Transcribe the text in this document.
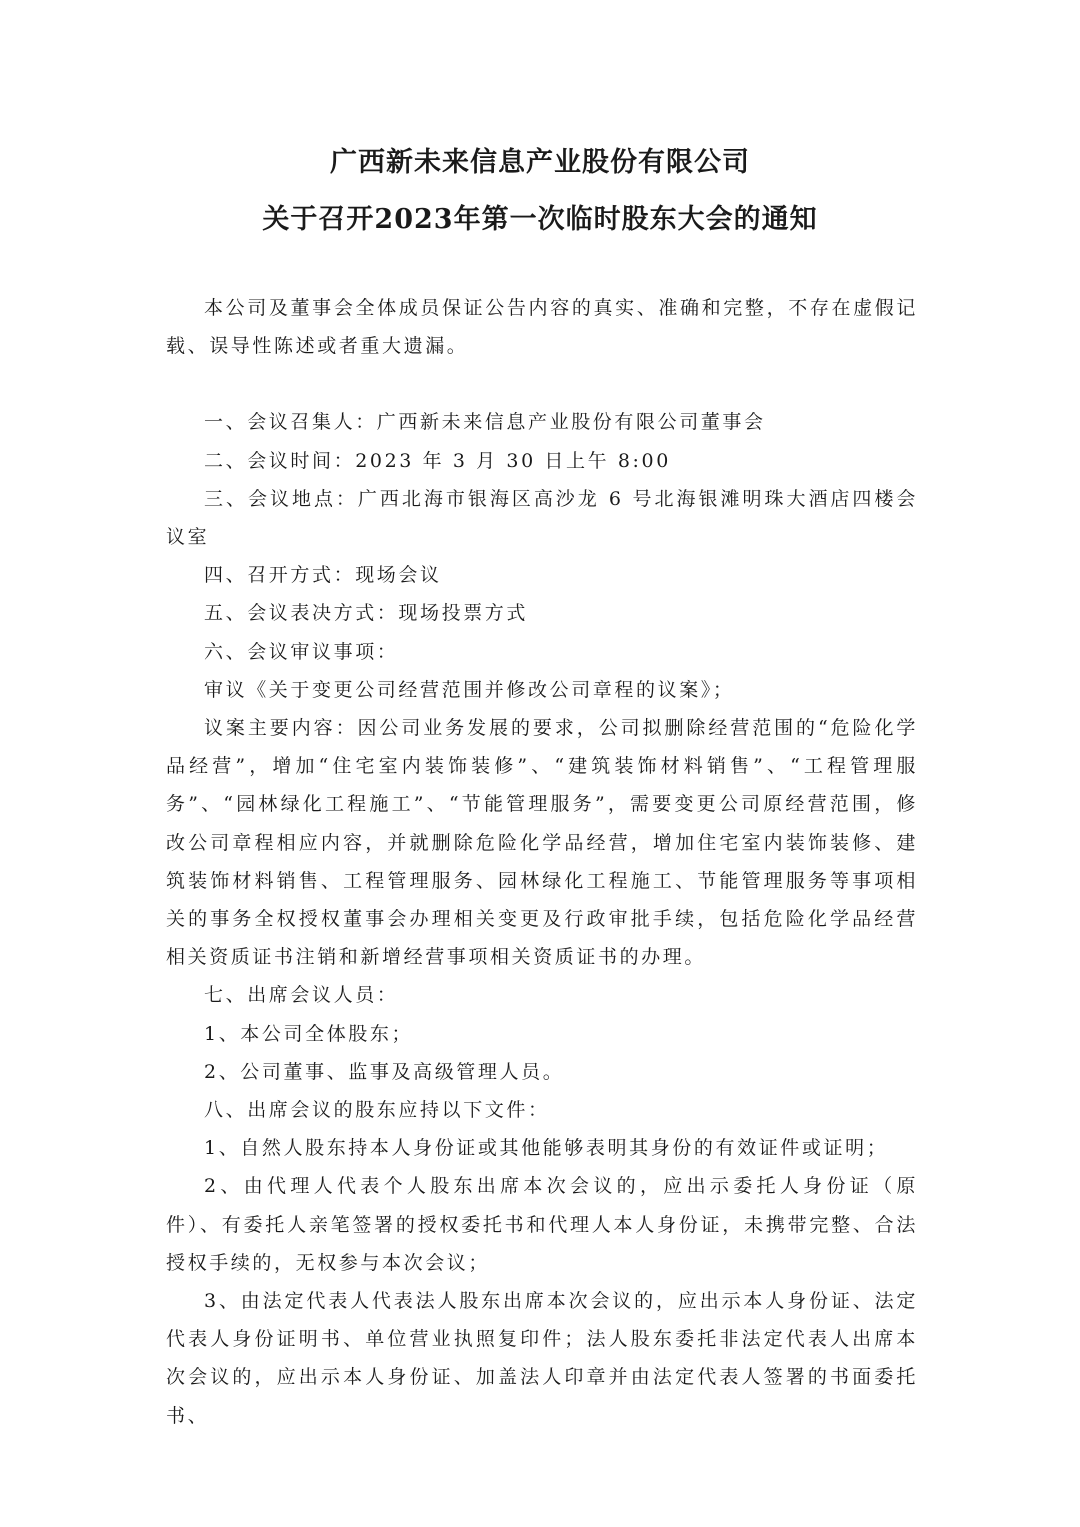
广西新未来信息产业股份有限公司
关于召开2023年第一次临时股东大会的通知

本公司及董事会全体成员保证公告内容的真实、准确和完整，不存在虚假记载、误导性陈述或者重大遗漏。

一、会议召集人：广西新未来信息产业股份有限公司董事会

二、会议时间：2023 年 3 月 30 日上午 8:00

三、会议地点：广西北海市银海区高沙龙 6 号北海银滩明珠大酒店四楼会议室

四、召开方式：现场会议

五、会议表决方式：现场投票方式

六、会议审议事项：

审议《关于变更公司经营范围并修改公司章程的议案》；

议案主要内容：因公司业务发展的要求，公司拟删除经营范围的“危险化学品经营”，增加“住宅室内装饰装修”、“建筑装饰材料销售”、“工程管理服务”、“园林绿化工程施工”、“节能管理服务”，需要变更公司原经营范围，修改公司章程相应内容，并就删除危险化学品经营，增加住宅室内装饰装修、建筑装饰材料销售、工程管理服务、园林绿化工程施工、节能管理服务等事项相关的事务全权授权董事会办理相关变更及行政审批手续，包括危险化学品经营相关资质证书注销和新增经营事项相关资质证书的办理。

七、出席会议人员：

1、本公司全体股东；

2、公司董事、监事及高级管理人员。

八、出席会议的股东应持以下文件：

1、自然人股东持本人身份证或其他能够表明其身份的有效证件或证明；

2、由代理人代表个人股东出席本次会议的，应出示委托人身份证（原件）、有委托人亲笔签署的授权委托书和代理人本人身份证，未携带完整、合法授权手续的，无权参与本次会议；

3、由法定代表人代表法人股东出席本次会议的，应出示本人身份证、法定代表人身份证明书、单位营业执照复印件；法人股东委托非法定代表人出席本次会议的，应出示本人身份证、加盖法人印章并由法定代表人签署的书面委托书、
